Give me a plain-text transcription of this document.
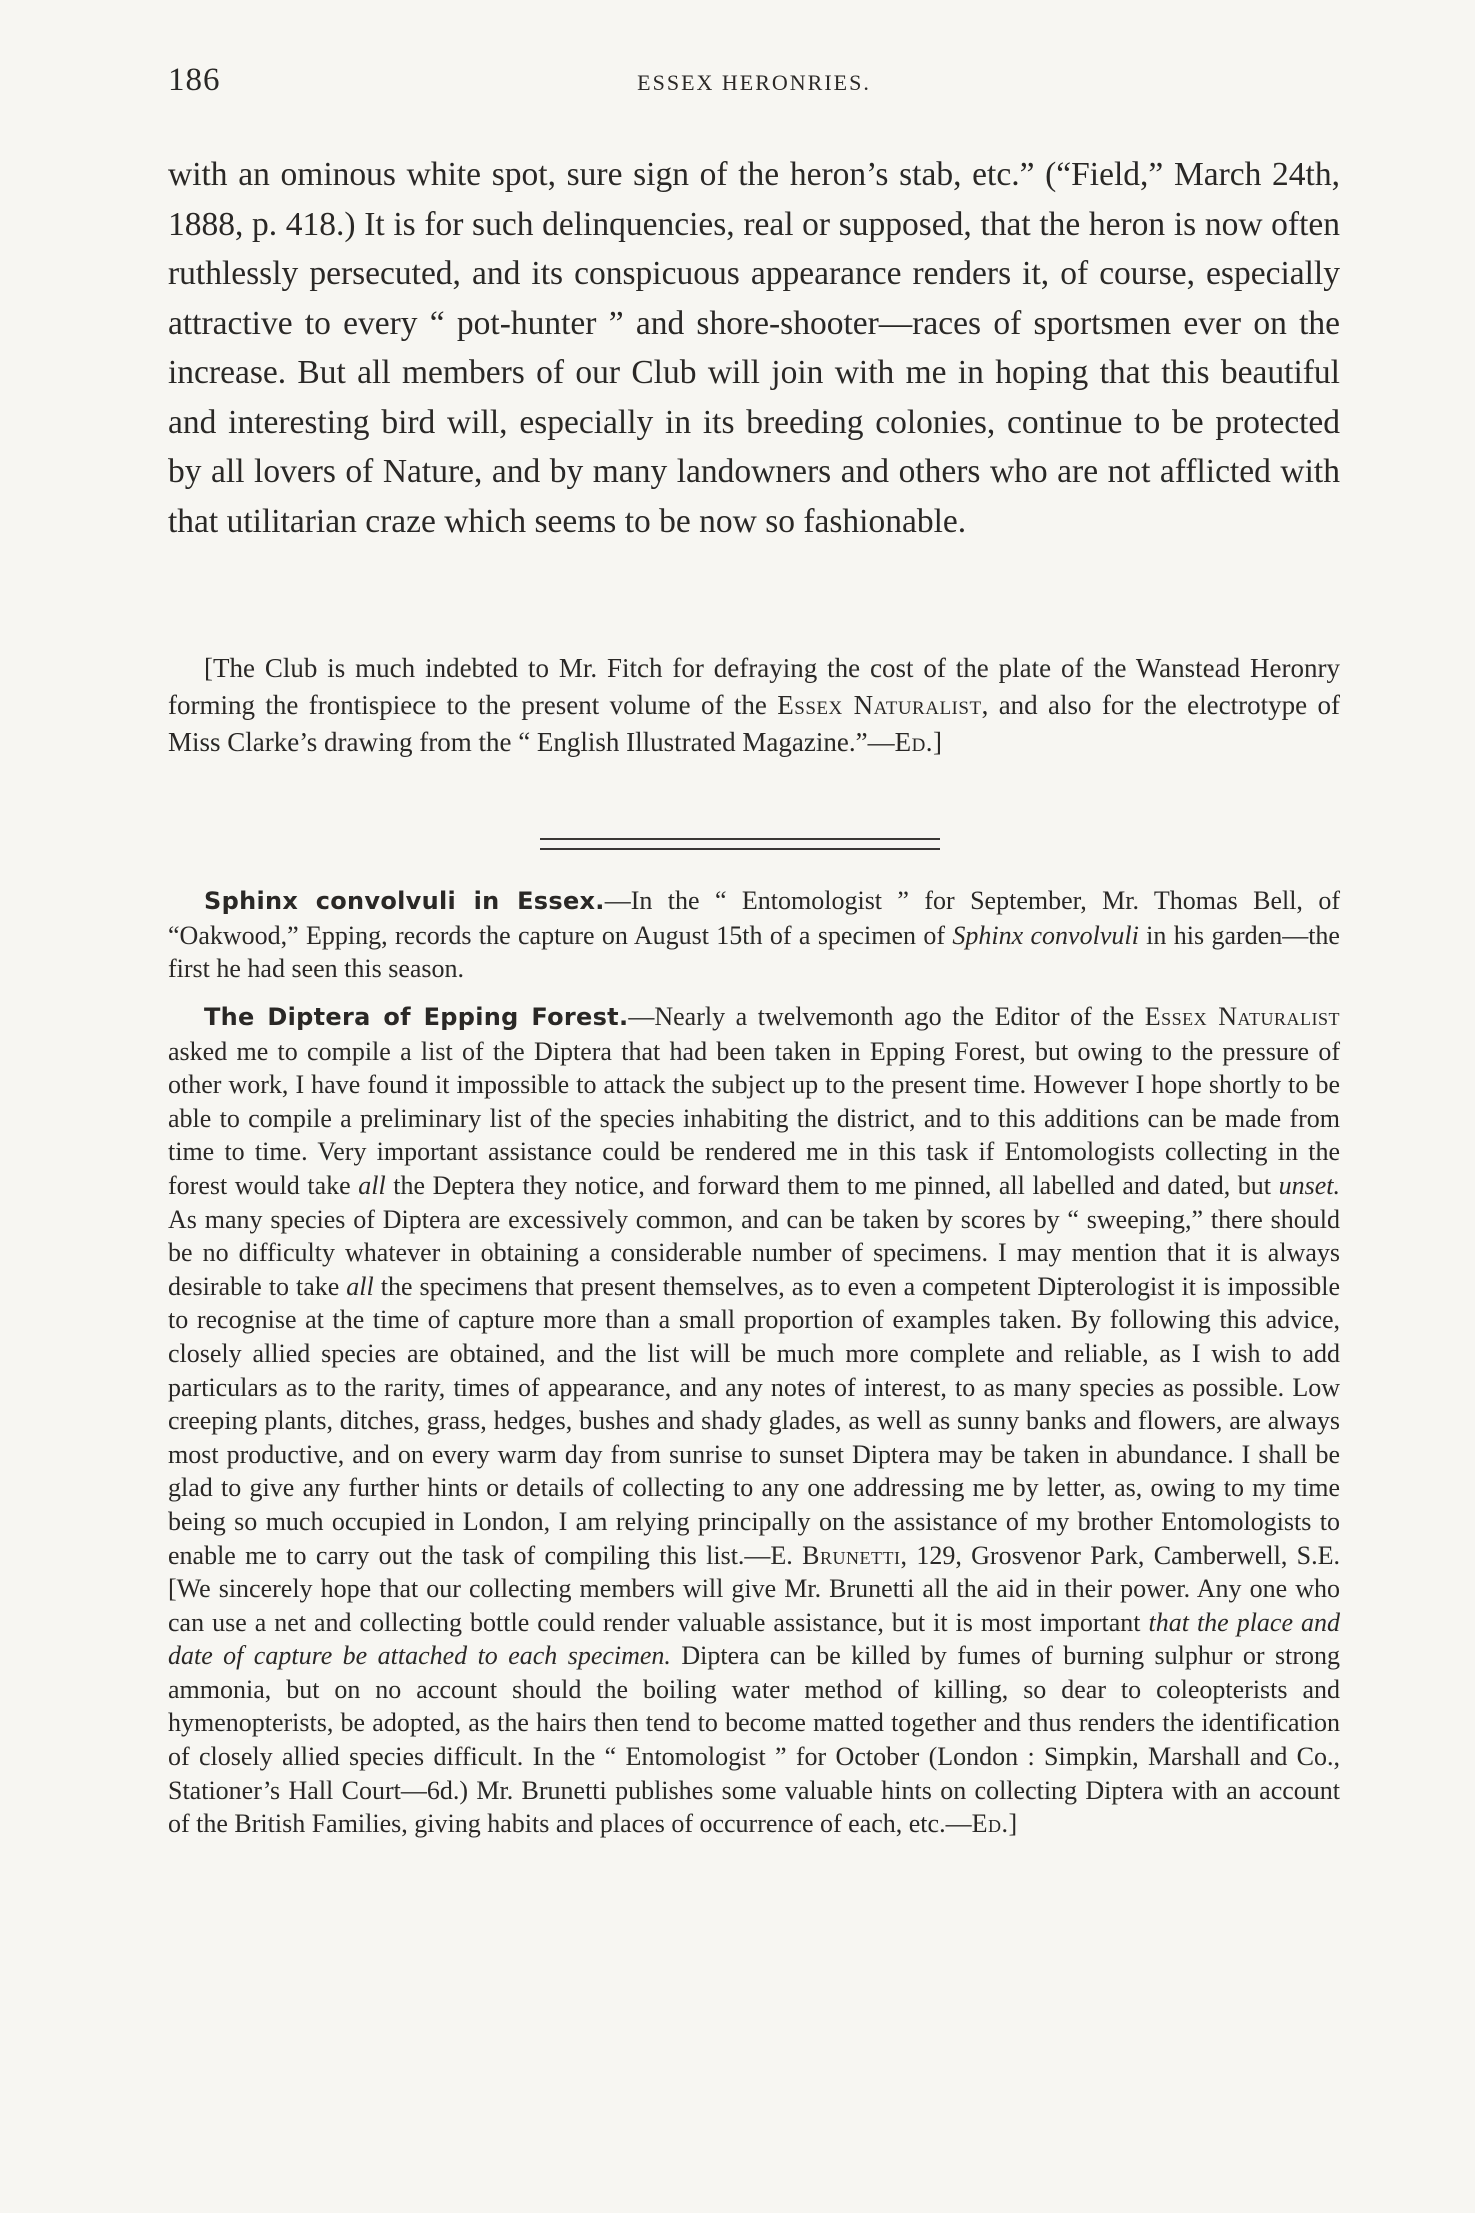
186	ESSEX HERONRIES.

with an ominous white spot, sure sign of the heron’s stab, etc.” (“Field,” March 24th, 1888, p. 418.) It is for such delinquencies, real or supposed, that the heron is now often ruthlessly persecuted, and its conspicuous appearance renders it, of course, especially attractive to every “ pot-hunter ” and shore-shooter—races of sportsmen ever on the increase. But all members of our Club will join with me in hoping that this beautiful and interesting bird will, especially in its breeding colonies, continue to be protected by all lovers of Nature, and by many landowners and others who are not afflicted with that utilitarian craze which seems to be now so fashionable.

[The Club is much indebted to Mr. Fitch for defraying the cost of the plate of the Wanstead Heronry forming the frontispiece to the present volume of the Essex Naturalist, and also for the electrotype of Miss Clarke’s drawing from the “ English Illustrated Magazine.”—Ed.]

Sphinx convolvuli in Essex.—In the “ Entomologist ” for September, Mr. Thomas Bell, of “Oakwood,” Epping, records the capture on August 15th of a specimen of Sphinx convolvuli in his garden—the first he had seen this season.

The Diptera of Epping Forest.—Nearly a twelvemonth ago the Editor of the Essex Naturalist asked me to compile a list of the Diptera that had been taken in Epping Forest, but owing to the pressure of other work, I have found it impossible to attack the subject up to the present time. However I hope shortly to be able to compile a preliminary list of the species inhabiting the district, and to this additions can be made from time to time. Very important assistance could be rendered me in this task if Entomologists collecting in the forest would take all the Deptera they notice, and forward them to me pinned, all labelled and dated, but unset. As many species of Diptera are excessively common, and can be taken by scores by “ sweeping,” there should be no difficulty whatever in obtaining a considerable number of specimens. I may mention that it is always desirable to take all the specimens that present themselves, as to even a competent Dipterologist it is impossible to recognise at the time of capture more than a small proportion of examples taken. By following this advice, closely allied species are obtained, and the list will be much more complete and reliable, as I wish to add particulars as to the rarity, times of appearance, and any notes of interest, to as many species as possible. Low creeping plants, ditches, grass, hedges, bushes and shady glades, as well as sunny banks and flowers, are always most productive, and on every warm day from sunrise to sunset Diptera may be taken in abundance. I shall be glad to give any further hints or details of collecting to any one addressing me by letter, as, owing to my time being so much occupied in London, I am relying principally on the assistance of my brother Entomologists to enable me to carry out the task of compiling this list.—E. Brunetti, 129, Grosvenor Park, Camberwell, S.E. [We sincerely hope that our collecting members will give Mr. Brunetti all the aid in their power. Any one who can use a net and collecting bottle could render valuable assistance, but it is most important that the place and date of capture be attached to each specimen. Diptera can be killed by fumes of burning sulphur or strong ammonia, but on no account should the boiling water method of killing, so dear to coleopterists and hymenopterists, be adopted, as the hairs then tend to become matted together and thus renders the identification of closely allied species difficult. In the “ Entomologist ” for October (London : Simpkin, Marshall and Co., Stationer’s Hall Court—6d.) Mr. Brunetti publishes some valuable hints on collecting Diptera with an account of the British Families, giving habits and places of occurrence of each, etc.—Ed.]
